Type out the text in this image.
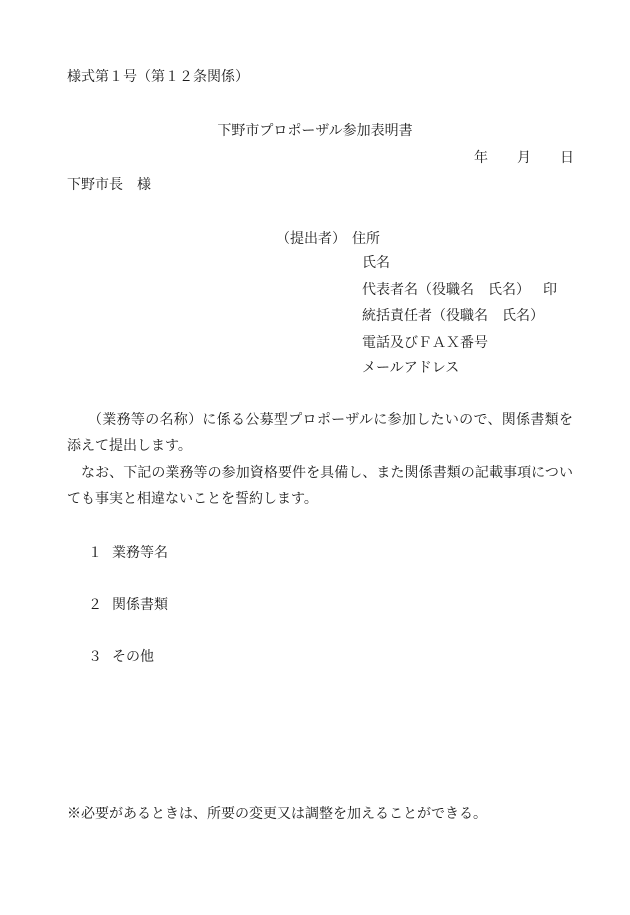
様式第１号（第１２条関係）
下野市プロポーザル参加表明書
年 月 日
下野市長　様
（提出者） 住所
氏名
代表者名（役職名　氏名） 印
統括責任者（役職名　氏名）
電話及びＦＡＸ番号
メールアドレス
（業務等の名称）に係る公募型プロポーザルに参加したいので、関係書類を添えて提出します。
なお、下記の業務等の参加資格要件を具備し、また関係書類の記載事項についても事実と相違ないことを誓約します。
１ 業務等名
２ 関係書類
３ その他
※必要があるときは、所要の変更又は調整を加えることができる。
